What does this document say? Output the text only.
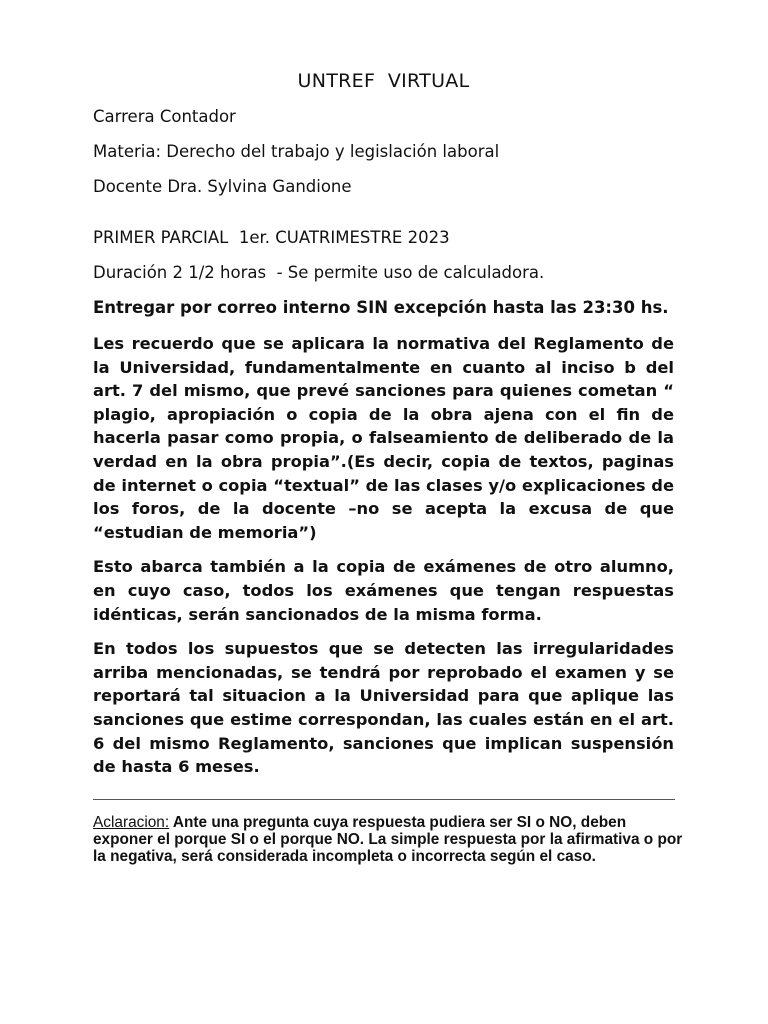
UNTREF  VIRTUAL
Carrera Contador
Materia: Derecho del trabajo y legislación laboral
Docente Dra. Sylvina Gandione
PRIMER PARCIAL  1er. CUATRIMESTRE 2023
Duración 2 1/2 horas  - Se permite uso de calculadora.
Entregar por correo interno SIN excepción hasta las 23:30 hs.

Les recuerdo que se aplicara la normativa del Reglamento de la Universidad, fundamentalmente en cuanto al inciso b del art. 7 del mismo, que prevé sanciones para quienes cometan “ plagio, apropiación o copia de la obra ajena con el fin de hacerla pasar como propia, o falseamiento de deliberado de la verdad en la obra propia”.(Es decir, copia de textos, paginas de internet o copia “textual” de las clases y/o explicaciones de los foros, de la docente –no se acepta la excusa de que “estudian de memoria”)

Esto abarca también a la copia de exámenes de otro alumno, en cuyo caso, todos los exámenes que tengan respuestas idénticas, serán sancionados de la misma forma.

En todos los supuestos que se detecten las irregularidades arriba mencionadas, se tendrá por reprobado el examen y se reportará tal situacion a la Universidad para que aplique las sanciones que estime correspondan, las cuales están en el art. 6 del mismo Reglamento, sanciones que implican suspensión de hasta 6 meses.

Aclaracion: Ante una pregunta cuya respuesta pudiera ser SI o NO, deben exponer el porque SI o el porque NO. La simple respuesta por la afirmativa o por la negativa, será considerada incompleta o incorrecta según el caso.
